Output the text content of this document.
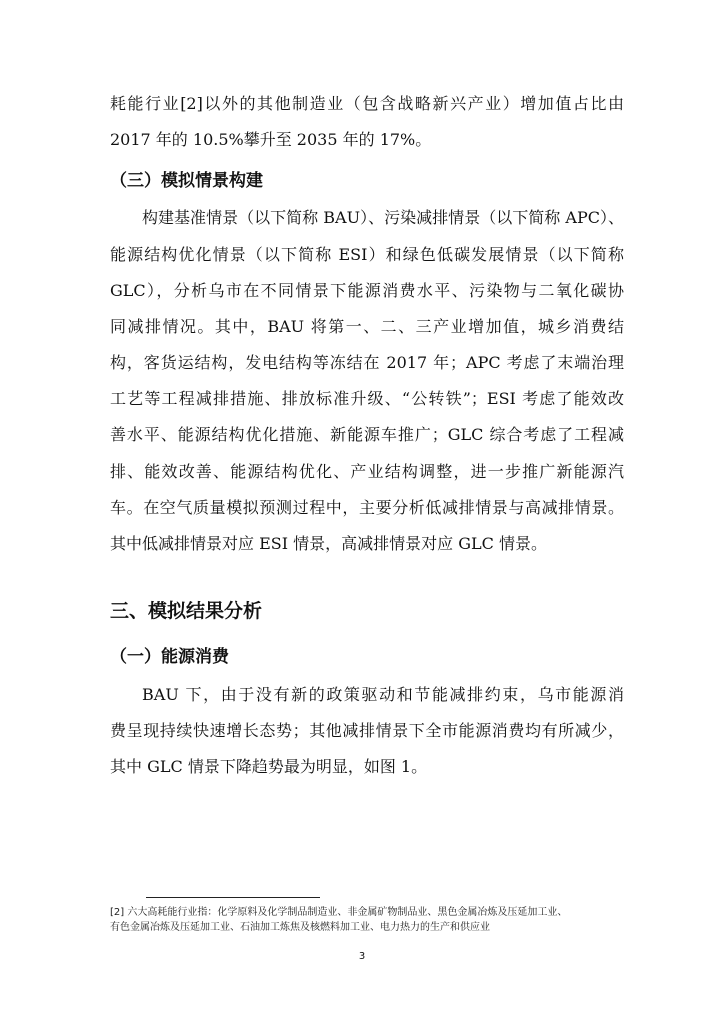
耗能行业[2]以外的其他制造业（包含战略新兴产业）增加值占比由
2017 年的 10.5%攀升至 2035 年的 17%。
（三）模拟情景构建
构建基准情景（以下简称 BAU）、污染减排情景（以下简称 APC）、
能源结构优化情景（以下简称 ESI）和绿色低碳发展情景（以下简称
GLC），分析乌市在不同情景下能源消费水平、污染物与二氧化碳协
同减排情况。其中，BAU 将第一、二、三产业增加值，城乡消费结
构，客货运结构，发电结构等冻结在 2017 年；APC 考虑了末端治理
工艺等工程减排措施、排放标准升级、“公转铁”；ESI 考虑了能效改
善水平、能源结构优化措施、新能源车推广；GLC 综合考虑了工程减
排、能效改善、能源结构优化、产业结构调整，进一步推广新能源汽
车。在空气质量模拟预测过程中，主要分析低减排情景与高减排情景。
其中低减排情景对应 ESI 情景，高减排情景对应 GLC 情景。
三、模拟结果分析
（一）能源消费
BAU 下，由于没有新的政策驱动和节能减排约束，乌市能源消
费呈现持续快速增长态势；其他减排情景下全市能源消费均有所减少，
其中 GLC 情景下降趋势最为明显，如图 1。
[2] 六大高耗能行业指：化学原料及化学制品制造业、非金属矿物制品业、黑色金属冶炼及压延加工业、
有色金属冶炼及压延加工业、石油加工炼焦及核燃料加工业、电力热力的生产和供应业
3
